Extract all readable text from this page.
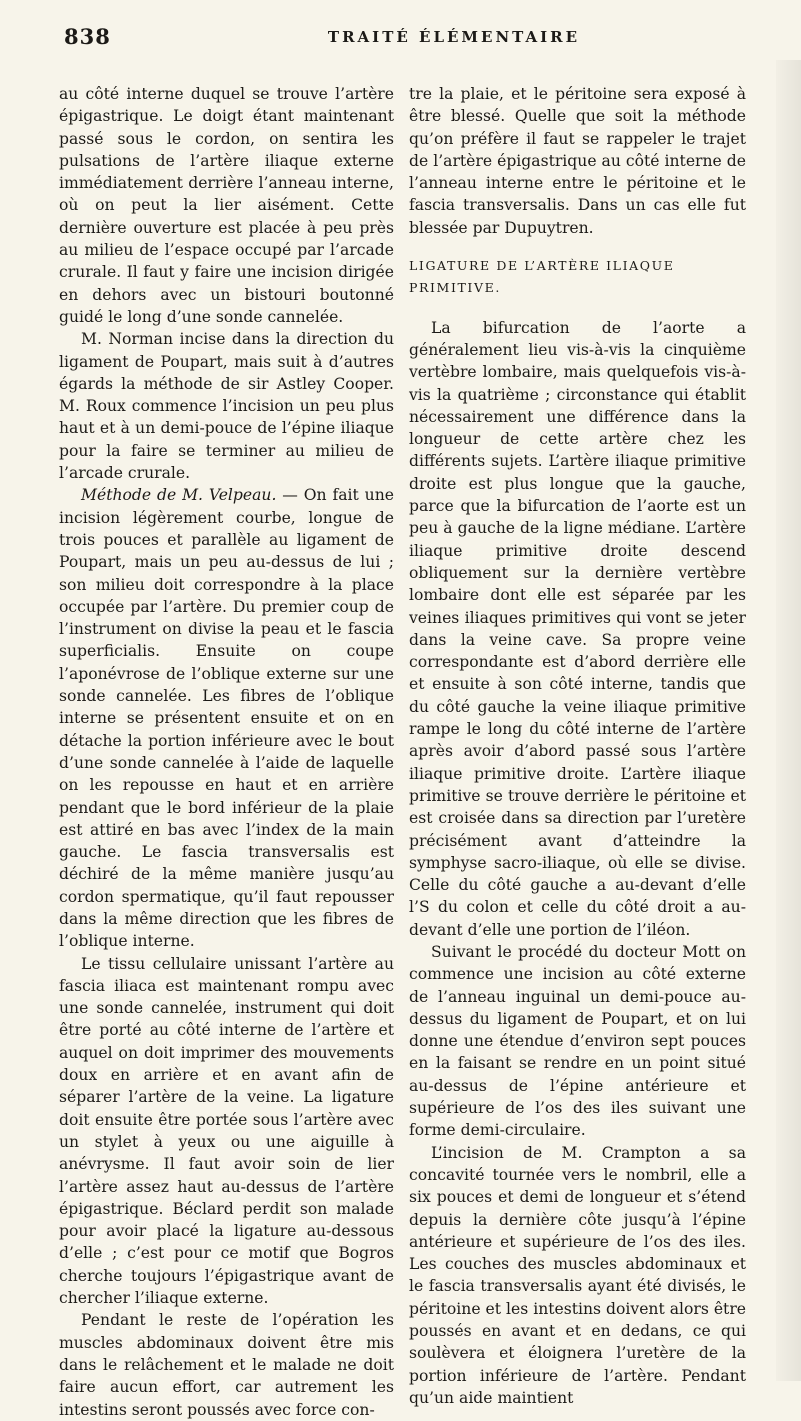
838	TRAITÉ ÉLÉMENTAIRE

au côté interne duquel se trouve l’artère épigastrique. Le doigt étant maintenant passé sous le cordon, on sentira les pulsations de l’artère iliaque externe immédiatement derrière l’anneau interne, où on peut la lier aisément. Cette dernière ouverture est placée à peu près au milieu de l’espace occupé par l’arcade crurale. Il faut y faire une incision dirigée en dehors avec un bistouri boutonné guidé le long d’une sonde cannelée.

M. Norman incise dans la direction du ligament de Poupart, mais suit à d’autres égards la méthode de sir Astley Cooper. M. Roux commence l’incision un peu plus haut et à un demi-pouce de l’épine iliaque pour la faire se terminer au milieu de l’arcade crurale.

Méthode de M. Velpeau. — On fait une incision légèrement courbe, longue de trois pouces et parallèle au ligament de Poupart, mais un peu au-dessus de lui ; son milieu doit correspondre à la place occupée par l’artère. Du premier coup de l’instrument on divise la peau et le fascia superficialis. Ensuite on coupe l’aponévrose de l’oblique externe sur une sonde cannelée. Les fibres de l’oblique interne se présentent ensuite et on en détache la portion inférieure avec le bout d’une sonde cannelée à l’aide de laquelle on les repousse en haut et en arrière pendant que le bord inférieur de la plaie est attiré en bas avec l’index de la main gauche. Le fascia transversalis est déchiré de la même manière jusqu’au cordon spermatique, qu’il faut repousser dans la même direction que les fibres de l’oblique interne.

Le tissu cellulaire unissant l’artère au fascia iliaca est maintenant rompu avec une sonde cannelée, instrument qui doit être porté au côté interne de l’artère et auquel on doit imprimer des mouvements doux en arrière et en avant afin de séparer l’artère de la veine. La ligature doit ensuite être portée sous l’artère avec un stylet à yeux ou une aiguille à anévrysme. Il faut avoir soin de lier l’artère assez haut au-dessus de l’artère épigastrique. Béclard perdit son malade pour avoir placé la ligature au-dessous d’elle ; c’est pour ce motif que Bogros cherche toujours l’épigastrique avant de chercher l’iliaque externe.

Pendant le reste de l’opération les muscles abdominaux doivent être mis dans le relâchement et le malade ne doit faire aucun effort, car autrement les intestins seront poussés avec force con-

tre la plaie, et le péritoine sera exposé à être blessé. Quelle que soit la méthode qu’on préfère il faut se rappeler le trajet de l’artère épigastrique au côté interne de l’anneau interne entre le péritoine et le fascia transversalis. Dans un cas elle fut blessée par Dupuytren.

LIGATURE DE L’ARTÈRE ILIAQUE PRIMITIVE.

La bifurcation de l’aorte a généralement lieu vis-à-vis la cinquième vertèbre lombaire, mais quelquefois vis-à-vis la quatrième ; circonstance qui établit nécessairement une différence dans la longueur de cette artère chez les différents sujets. L’artère iliaque primitive droite est plus longue que la gauche, parce que la bifurcation de l’aorte est un peu à gauche de la ligne médiane. L’artère iliaque primitive droite descend obliquement sur la dernière vertèbre lombaire dont elle est séparée par les veines iliaques primitives qui vont se jeter dans la veine cave. Sa propre veine correspondante est d’abord derrière elle et ensuite à son côté interne, tandis que du côté gauche la veine iliaque primitive rampe le long du côté interne de l’artère après avoir d’abord passé sous l’artère iliaque primitive droite. L’artère iliaque primitive se trouve derrière le péritoine et est croisée dans sa direction par l’uretère précisément avant d’atteindre la symphyse sacro-iliaque, où elle se divise. Celle du côté gauche a au-devant d’elle l’S du colon et celle du côté droit a au-devant d’elle une portion de l’iléon.

Suivant le procédé du docteur Mott on commence une incision au côté externe de l’anneau inguinal un demi-pouce au-dessus du ligament de Poupart, et on lui donne une étendue d’environ sept pouces en la faisant se rendre en un point situé au-dessus de l’épine antérieure et supérieure de l’os des iles suivant une forme demi-circulaire.

L’incision de M. Crampton a sa concavité tournée vers le nombril, elle a six pouces et demi de longueur et s’étend depuis la dernière côte jusqu’à l’épine antérieure et supérieure de l’os des iles. Les couches des muscles abdominaux et le fascia transversalis ayant été divisés, le péritoine et les intestins doivent alors être poussés en avant et en dedans, ce qui soulèvera et éloignera l’uretère de la portion inférieure de l’artère. Pendant qu’un aide maintient
